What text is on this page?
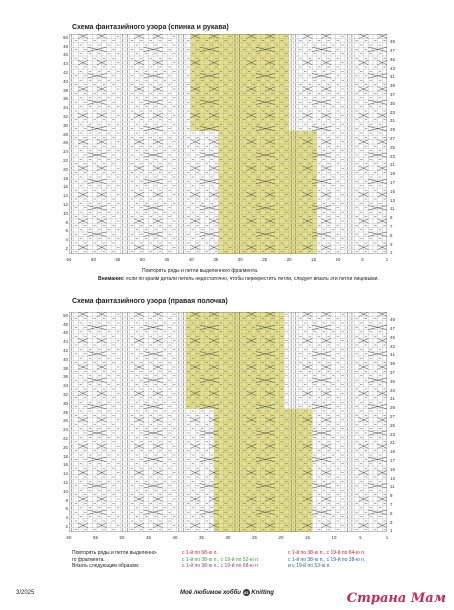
Схема фантазийного узора (спинка и рукава)
50
48
46
44
42
40
38
36
34
32
30
28
26
24
22
20
18
16
14
12
10
8
6
4
2
49
47
45
43
41
39
37
35
33
31
29
27
25
23
21
19
17
15
13
11
9
7
5
3
1
64	60	55	50	45	40	35	30	25	20	15	10	5	1
Повторять ряды и петли выделенного фрагмента.
Внимание: если по краям детали петель недостаточно, чтобы перекрестить петли, следует вязать эти петли лицевыми.
Схема фантазийного узора (правая полочка)
50
48
46
44
42
40
38
36
34
32
30
28
26
24
22
20
18
16
14
12
10
8
6
4
2
49
47
45
43
41
39
37
35
33
31
29
27
25
23
21
19
17
15
13
11
9
7
5
3
1
60	55	50	45	40	35	30	25	20	15	10	5	1
Повторять ряды и петли выделенно-
го фрагмента.
Вязать следующим образом:
с 1-й по 68-ю п.
с 1-й по 38-ю п., с 19-й по 52-ю п.
с 1-й по 38-ю п., с 19-й по 68-ю п.
с 1-й по 38-ю п., с 19-й по 64-ю п.
с 1-й по 38-ю п., с 19-й по 38-ю п.
и с 19-й по 53-ю п.
3/2025	Моё любимое хобби 43 Knitting	Страна Мам
